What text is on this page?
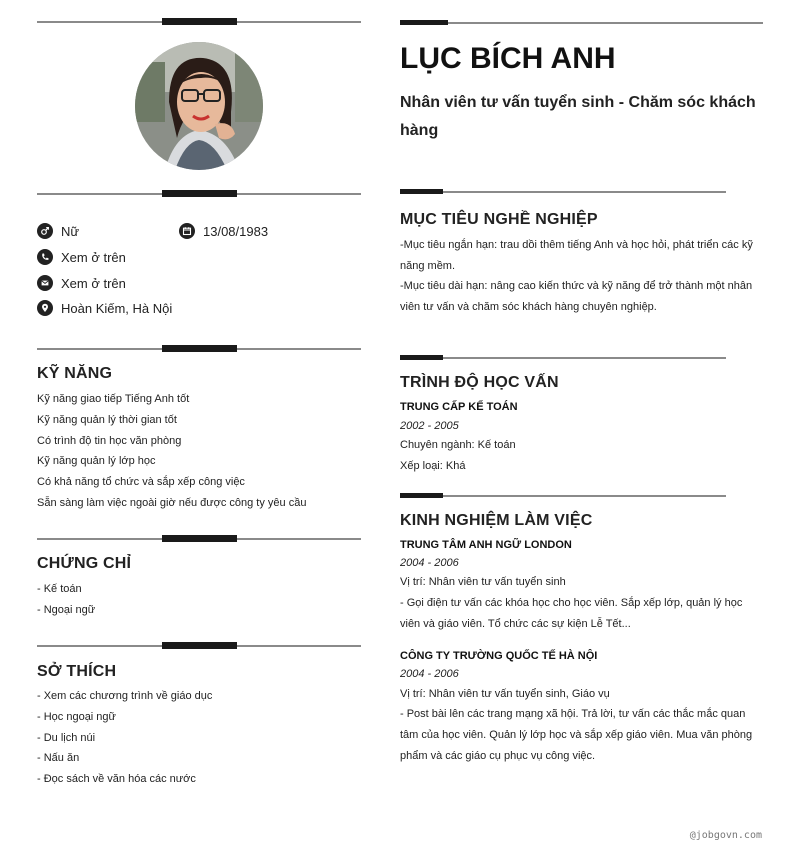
Nữ	13/08/1983
Xem ở trên
Xem ở trên
Hoàn Kiếm, Hà Nội
KỸ NĂNG
Kỹ năng giao tiếp Tiếng Anh tốt
Kỹ năng quản lý thời gian tốt
Có trình độ tin học văn phòng
Kỹ năng quản lý lớp học
Có khả năng tổ chức và sắp xếp công việc
Sẵn sàng làm việc ngoài giờ nếu được công ty yêu cầu
CHỨNG CHỈ
- Kế toán
- Ngoại ngữ
SỞ THÍCH
- Xem các chương trình về giáo dục
- Học ngoại ngữ
- Du lịch núi
- Nấu ăn
- Đọc sách về văn hóa các nước
LỤC BÍCH ANH
Nhân viên tư vấn tuyển sinh - Chăm sóc khách hàng
MỤC TIÊU NGHỀ NGHIỆP
-Mục tiêu ngắn hạn: trau dồi thêm tiếng Anh và học hỏi, phát triển các kỹ năng mềm.
-Mục tiêu dài hạn: nâng cao kiến thức và kỹ năng để trở thành một nhân viên tư vấn và chăm sóc khách hàng chuyên nghiệp.
TRÌNH ĐỘ HỌC VẤN
TRUNG CẤP KẾ TOÁN
2002 - 2005
Chuyên ngành: Kế toán
Xếp loại: Khá
KINH NGHIỆM LÀM VIỆC
TRUNG TÂM ANH NGỮ LONDON
2004 - 2006
Vị trí: Nhân viên tư vấn tuyển sinh
- Gọi điện tư vấn các khóa học cho học viên. Sắp xếp lớp, quản lý học viên và giáo viên. Tổ chức các sự kiện Lễ Tết...
CÔNG TY TRƯỜNG QUỐC TẾ HÀ NỘI
2004 - 2006
Vị trí: Nhân viên tư vấn tuyển sinh, Giáo vụ
- Post bài lên các trang mạng xã hội. Trả lời, tư vấn các thắc mắc quan tâm của học viên. Quản lý lớp học và sắp xếp giáo viên. Mua văn phòng phẩm và các giáo cụ phục vụ công việc.
@jobgovn.com
